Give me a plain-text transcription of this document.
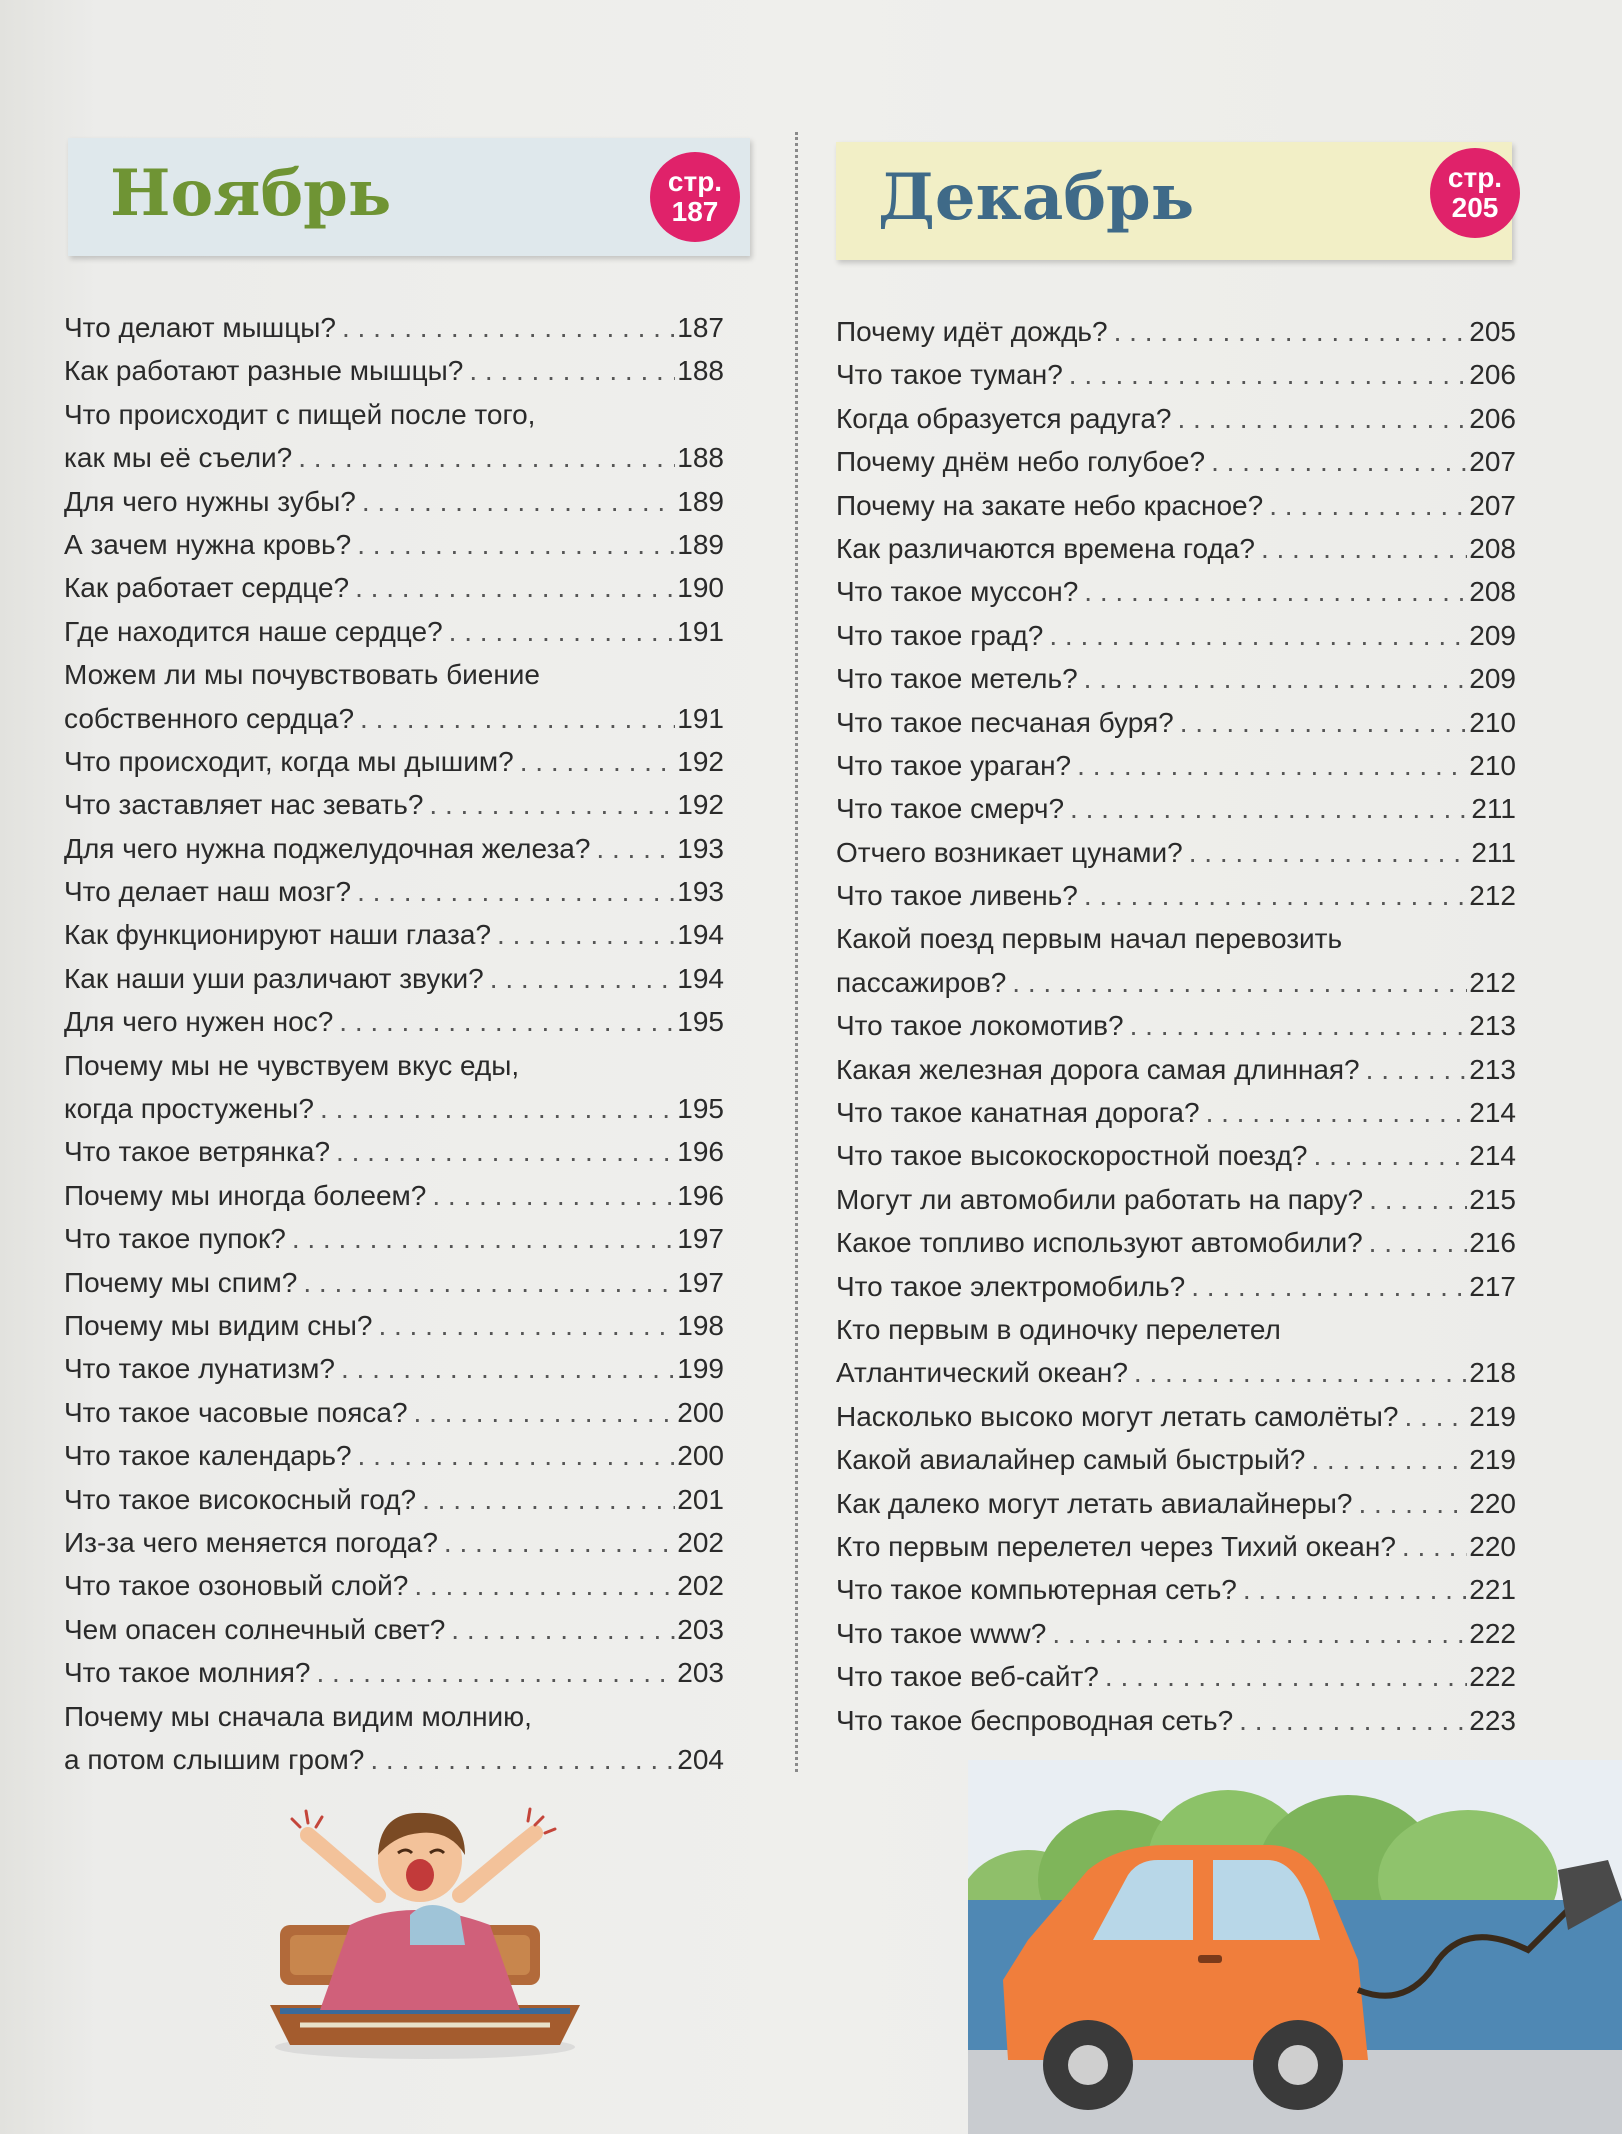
Ноябрь	стр.
187
Что делают мышцы? . . .	187
Как работают разные мышцы? . . .	188
Что происходит с пищей после того,
как мы её съели? . . .	188
Для чего нужны зубы? . . .	189
А зачем нужна кровь? . . .	189
Как работает сердце? . . .	190
Где находится наше сердце? . . .	191
Можем ли мы почувствовать биение
собственного сердца? . . .	191
Что происходит, когда мы дышим? . . .	192
Что заставляет нас зевать? . . .	192
Для чего нужна поджелудочная железа? . . .	193
Что делает наш мозг? . . .	193
Как функционируют наши глаза? . . .	194
Как наши уши различают звуки? . . .	194
Для чего нужен нос? . . .	195
Почему мы не чувствуем вкус еды,
когда простужены? . . .	195
Что такое ветрянка? . . .	196
Почему мы иногда болеем? . . .	196
Что такое пупок? . . .	197
Почему мы спим? . . .	197
Почему мы видим сны? . . .	198
Что такое лунатизм? . . .	199
Что такое часовые пояса? . . .	200
Что такое календарь? . . .	200
Что такое високосный год? . . .	201
Из-за чего меняется погода? . . .	202
Что такое озоновый слой? . . .	202
Чем опасен солнечный свет? . . .	203
Что такое молния? . . .	203
Почему мы сначала видим молнию,
а потом слышим гром? . . .	204
Декабрь	стр.
205
Почему идёт дождь? . . .	205
Что такое туман? . . .	206
Когда образуется радуга? . . .	206
Почему днём небо голубое? . . .	207
Почему на закате небо красное? . . .	207
Как различаются времена года? . . .	208
Что такое муссон? . . .	208
Что такое град? . . .	209
Что такое метель? . . .	209
Что такое песчаная буря? . . .	210
Что такое ураган? . . .	210
Что такое смерч? . . .	211
Отчего возникает цунами? . . .	211
Что такое ливень? . . .	212
Какой поезд первым начал перевозить
пассажиров? . . .	212
Что такое локомотив? . . .	213
Какая железная дорога самая длинная? . . .	213
Что такое канатная дорога? . . .	214
Что такое высокоскоростной поезд? . . .	214
Могут ли автомобили работать на пару? . . .	215
Какое топливо используют автомобили? . . .	216
Что такое электромобиль? . . .	217
Кто первым в одиночку перелетел
Атлантический океан? . . .	218
Насколько высоко могут летать самолёты? . . .	219
Какой авиалайнер самый быстрый? . . .	219
Как далеко могут летать авиалайнеры? . . .	220
Кто первым перелетел через Тихий океан? . . .	220
Что такое компьютерная сеть? . . .	221
Что такое www? . . .	222
Что такое веб-сайт? . . .	222
Что такое беспроводная сеть? . . .	223
